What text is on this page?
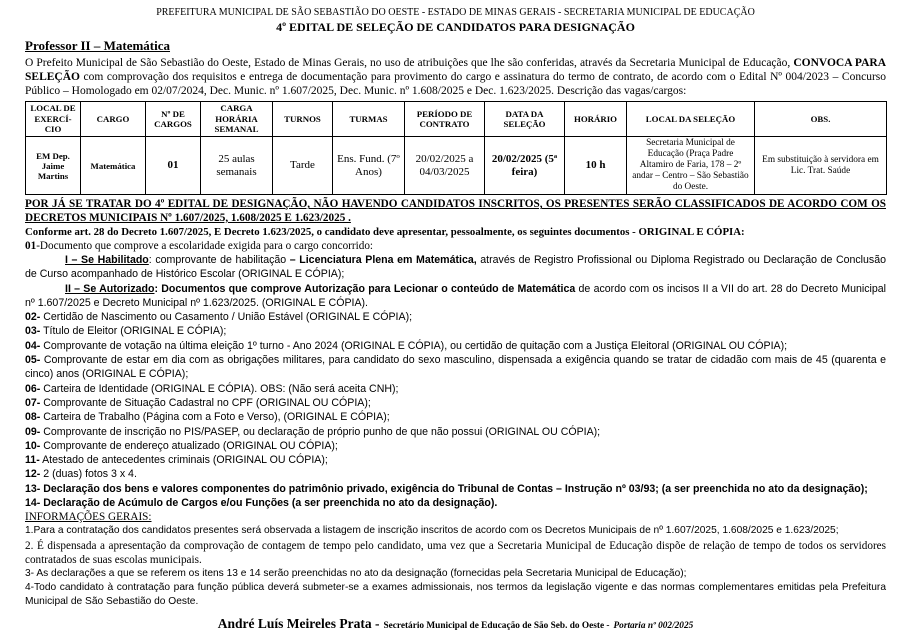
PREFEITURA MUNICIPAL DE SÃO SEBASTIÃO DO OESTE - ESTADO DE MINAS GERAIS - SECRETARIA MUNICIPAL DE EDUCAÇÃO
4º EDITAL DE SELEÇÃO DE CANDIDATOS PARA DESIGNAÇÃO
Professor II – Matemática
O Prefeito Municipal de São Sebastião do Oeste, Estado de Minas Gerais, no uso de atribuições que lhe são conferidas, através da Secretaria Municipal de Educação, CONVOCA PARA SELEÇÃO com comprovação dos requisitos e entrega de documentação para provimento do cargo e assinatura do termo de contrato, de acordo com o Edital Nº 004/2023 – Concurso Público – Homologado em 02/07/2024, Dec. Munic. nº 1.607/2025, Dec. Munic. nº 1.608/2025 e Dec. 1.623/2025. Descrição das vagas/cargos:
LOCAL DE EXERCÍ-CIO	CARGO	Nº DE CARGOS	CARGA HORÁRIA SEMANAL	TURNOS	TURMAS	PERÍODO DE CONTRATO	DATA DA SELEÇÃO	HORÁRIO	LOCAL DA SELEÇÃO	OBS.
EM Dep. Jaime Martins	Matemática	01	25 aulas semanais	Tarde	Ens. Fund. (7º Anos)	20/02/2025 a 04/03/2025	20/02/2025 (5ª feira)	10 h	Secretaria Municipal de Educação (Praça Padre Altamiro de Faria, 178 – 2º andar – Centro – São Sebastião do Oeste.	Em substituição à servidora em Lic. Trat. Saúde
POR JÁ SE TRATAR DO 4º EDITAL DE DESIGNAÇÃO, NÃO HAVENDO CANDIDATOS INSCRITOS, OS PRESENTES SERÃO CLASSIFICADOS DE ACORDO COM OS DECRETOS MUNICIPAIS Nº 1.607/2025, 1.608/2025 E 1.623/2025 .
Conforme art. 28 do Decreto 1.607/2025, E Decreto 1.623/2025, o candidato deve apresentar, pessoalmente, os seguintes documentos - ORIGINAL E CÓPIA:
01-Documento que comprove a escolaridade exigida para o cargo concorrido:
I – Se Habilitado: comprovante de habilitação – Licenciatura Plena em Matemática, através de Registro Profissional ou Diploma Registrado ou Declaração de Conclusão de Curso acompanhado de Histórico Escolar (ORIGINAL E CÓPIA);
II – Se Autorizado: Documentos que comprove Autorização para Lecionar o conteúdo de Matemática de acordo com os incisos II a VII do art. 28 do Decreto Municipal nº 1.607/2025 e Decreto Municipal nº 1.623/2025. (ORIGINAL E CÓPIA).
02- Certidão de Nascimento ou Casamento / União Estável (ORIGINAL E CÓPIA);
03- Título de Eleitor (ORIGINAL E CÓPIA);
04- Comprovante de votação na última eleição 1º turno - Ano 2024 (ORIGINAL E CÓPIA), ou certidão de quitação com a Justiça Eleitoral (ORIGINAL OU CÓPIA);
05- Comprovante de estar em dia com as obrigações militares, para candidato do sexo masculino, dispensada a exigência quando se tratar de cidadão com mais de 45 (quarenta e cinco) anos (ORIGINAL E CÓPIA);
06- Carteira de Identidade (ORIGINAL E CÓPIA). OBS: (Não será aceita CNH);
07- Comprovante de Situação Cadastral no CPF (ORIGINAL OU CÓPIA);
08- Carteira de Trabalho (Página com a Foto e Verso), (ORIGINAL E CÓPIA);
09- Comprovante de inscrição no PIS/PASEP, ou declaração de próprio punho de que não possui (ORIGINAL OU CÓPIA);
10- Comprovante de endereço atualizado (ORIGINAL OU CÓPIA);
11- Atestado de antecedentes criminais (ORIGINAL OU CÓPIA);
12- 2 (duas) fotos 3 x 4.
13- Declaração dos bens e valores componentes do patrimônio privado, exigência do Tribunal de Contas – Instrução nº 03/93; (a ser preenchida no ato da designação);
14- Declaração de Acúmulo de Cargos e/ou Funções (a ser preenchida no ato da designação).
INFORMAÇÕES GERAIS:
1.Para a contratação dos candidatos presentes será observada a listagem de inscrição inscritos de acordo com os Decretos Municipais de nº 1.607/2025, 1.608/2025 e 1.623/2025;
2. É dispensada a apresentação da comprovação de contagem de tempo pelo candidato, uma vez que a Secretaria Municipal de Educação dispõe de relação de tempo de todos os servidores contratados de suas escolas municipais.
3- As declarações a que se referem os itens 13 e 14 serão preenchidas no ato da designação (fornecidas pela Secretaria Municipal de Educação);
4-Todo candidato à contratação para função pública deverá submeter-se a exames admissionais, nos termos da legislação vigente e das normas complementares emitidas pela Prefeitura Municipal de São Sebastião do Oeste.
André Luís Meireles Prata - Secretário Municipal de Educação de São Seb. do Oeste - Portaria nº 002/2025
